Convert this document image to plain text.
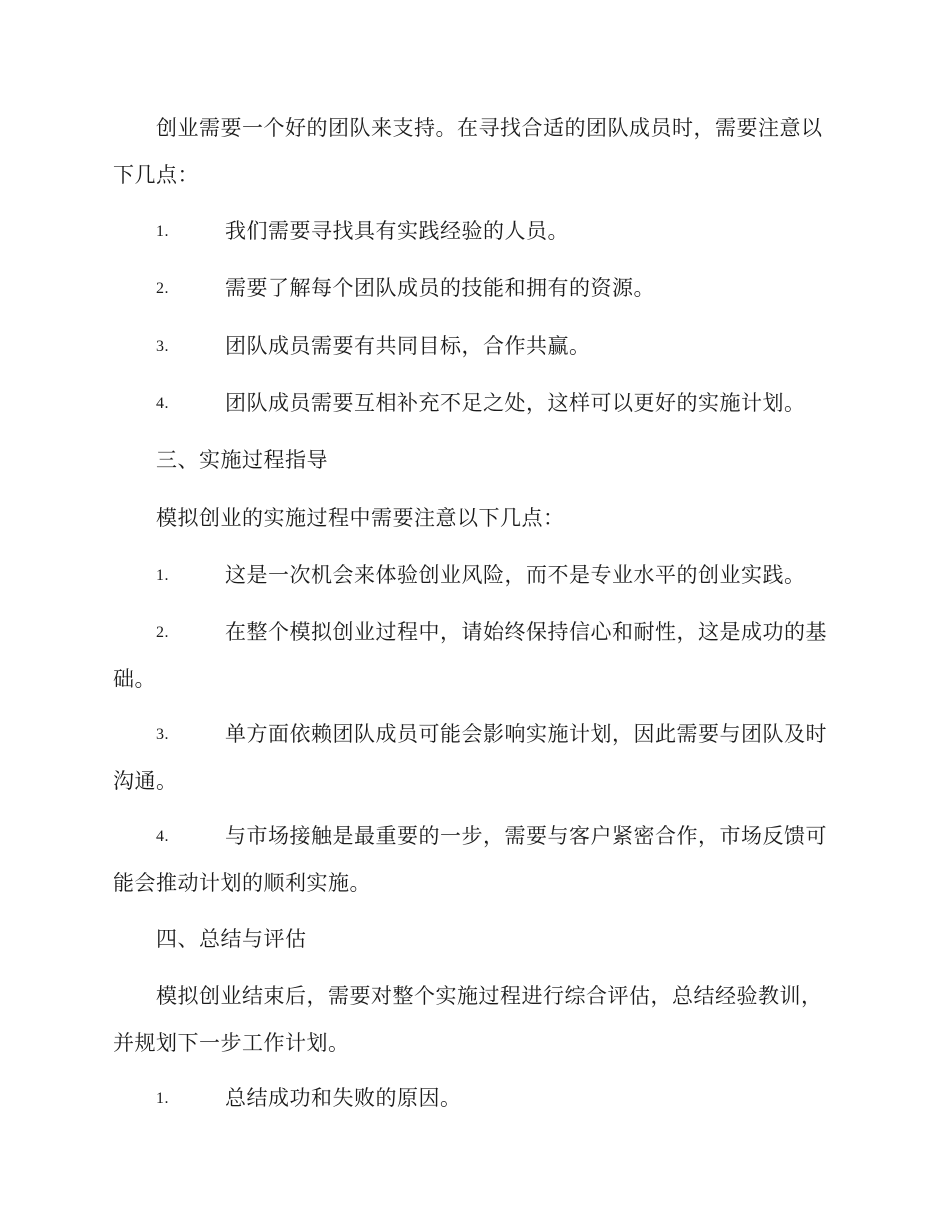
创业需要一个好的团队来支持。在寻找合适的团队成员时，需要注意以下几点：

1.	我们需要寻找具有实践经验的人员。
2.	需要了解每个团队成员的技能和拥有的资源。
3.	团队成员需要有共同目标，合作共赢。
4.	团队成员需要互相补充不足之处，这样可以更好的实施计划。

三、实施过程指导

模拟创业的实施过程中需要注意以下几点：

1.	这是一次机会来体验创业风险，而不是专业水平的创业实践。
2.	在整个模拟创业过程中，请始终保持信心和耐性，这是成功的基础。
3.	单方面依赖团队成员可能会影响实施计划，因此需要与团队及时沟通。
4.	与市场接触是最重要的一步，需要与客户紧密合作，市场反馈可能会推动计划的顺利实施。

四、总结与评估

模拟创业结束后，需要对整个实施过程进行综合评估，总结经验教训，并规划下一步工作计划。

1.	总结成功和失败的原因。
